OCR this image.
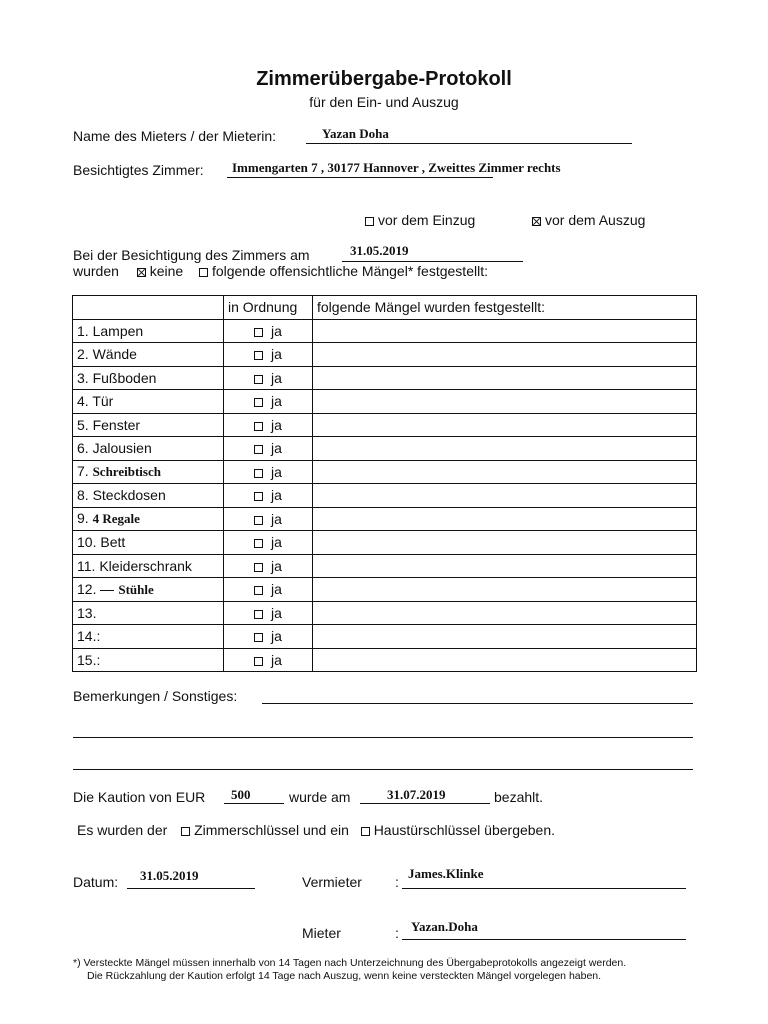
Zimmerübergabe-Protokoll
für den Ein- und Auszug
Name des Mieters / der Mieterin:	Yazan Doha
Besichtigtes Zimmer: Immengarten 7 , 30177 Hannover , Zweittes Zimmer rechts
vor dem Einzug	vor dem Auszug
Bei der Besichtigung des Zimmers am	31.05.2019
wurden keine folgende offensichtliche Mängel* festgestellt:
	in Ordnung	folgende Mängel wurden festgestellt:
1. Lampen	ja	
2. Wände	ja	
3. Fußboden	ja	
4. Tür	ja	
5. Fenster	ja	
6. Jalousien	ja	
7. Schreibtisch	ja	
8. Steckdosen	ja	
9. 4 Regale	ja	
10. Bett	ja	
11. Kleiderschrank	ja	
12. Stühle	ja	
13.	ja	
14.:	ja	
15.:	ja	
Bemerkungen / Sonstiges:
Die Kaution von EUR 500	wurde am	31.07.2019	bezahlt.
Es wurden der Zimmerschlüssel und ein Haustürschlüssel übergeben.
Datum: 31.05.2019	Vermieter :
James.Klinke
Mieter	: Yazan.Doha
*) Versteckte Mängel müssen innerhalb von 14 Tagen nach Unterzeichnung des Übergabeprotokolls angezeigt werden.
Die Rückzahlung der Kaution erfolgt 14 Tage nach Auszug, wenn keine versteckten Mängel vorgelegen haben.
